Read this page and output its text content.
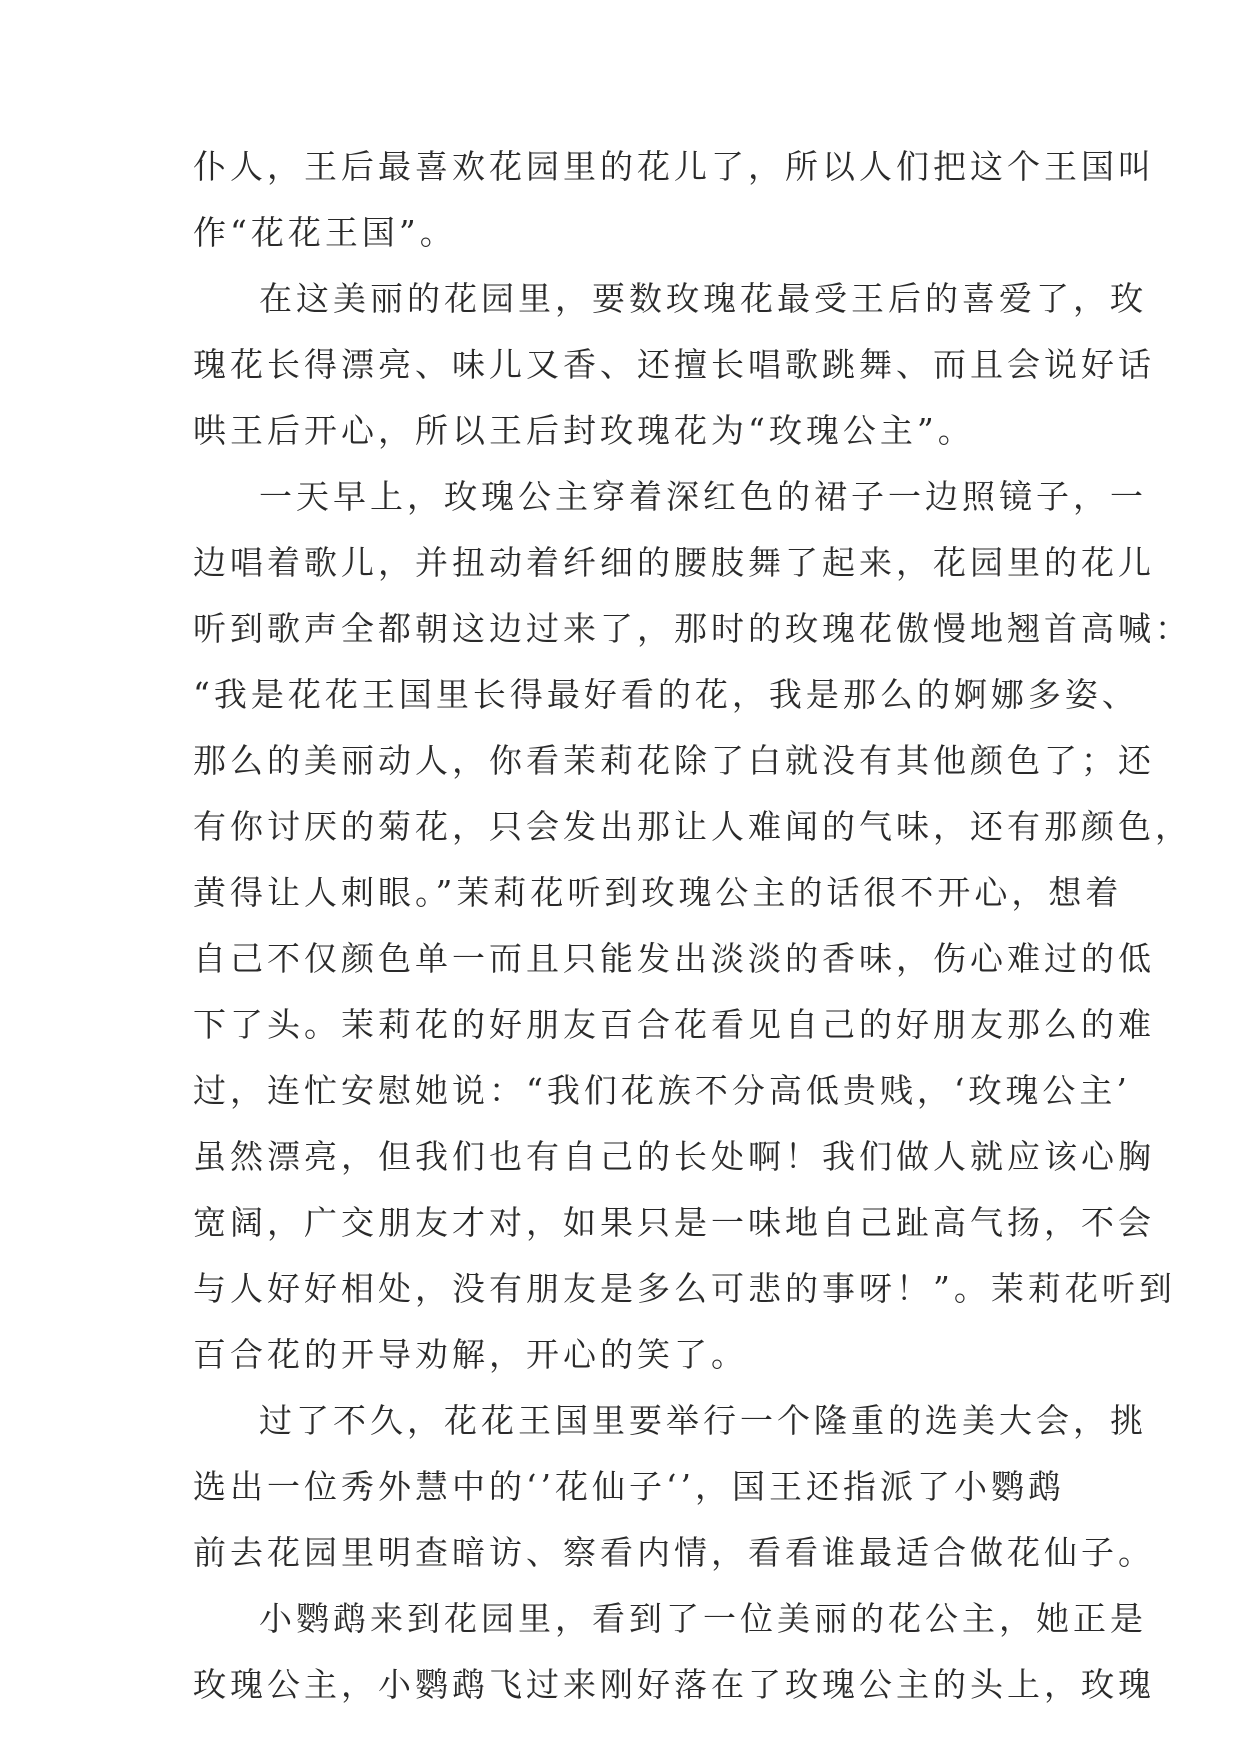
仆人，王后最喜欢花园里的花儿了，所以人们把这个王国叫
作“花花王国”。
在这美丽的花园里，要数玫瑰花最受王后的喜爱了，玫
瑰花长得漂亮、味儿又香、还擅长唱歌跳舞、而且会说好话
哄王后开心，所以王后封玫瑰花为“玫瑰公主”。
一天早上，玫瑰公主穿着深红色的裙子一边照镜子，一
边唱着歌儿，并扭动着纤细的腰肢舞了起来，花园里的花儿
听到歌声全都朝这边过来了，那时的玫瑰花傲慢地翘首高喊：
“我是花花王国里长得最好看的花，我是那么的婀娜多姿、
那么的美丽动人，你看茉莉花除了白就没有其他颜色了；还
有你讨厌的菊花，只会发出那让人难闻的气味，还有那颜色，
黄得让人刺眼。”茉莉花听到玫瑰公主的话很不开心，想着
自己不仅颜色单一而且只能发出淡淡的香味，伤心难过的低
下了头。茉莉花的好朋友百合花看见自己的好朋友那么的难
过，连忙安慰她说：“我们花族不分高低贵贱，‘玫瑰公主’
虽然漂亮，但我们也有自己的长处啊！我们做人就应该心胸
宽阔，广交朋友才对，如果只是一味地自己趾高气扬，不会
与人好好相处，没有朋友是多么可悲的事呀！”。茉莉花听到
百合花的开导劝解，开心的笑了。
过了不久，花花王国里要举行一个隆重的选美大会，挑
选出一位秀外慧中的‘’花仙子‘’，国王还指派了小鹦鹉
前去花园里明查暗访、察看内情，看看谁最适合做花仙子。
小鹦鹉来到花园里，看到了一位美丽的花公主，她正是
玫瑰公主，小鹦鹉飞过来刚好落在了玫瑰公主的头上，玫瑰
